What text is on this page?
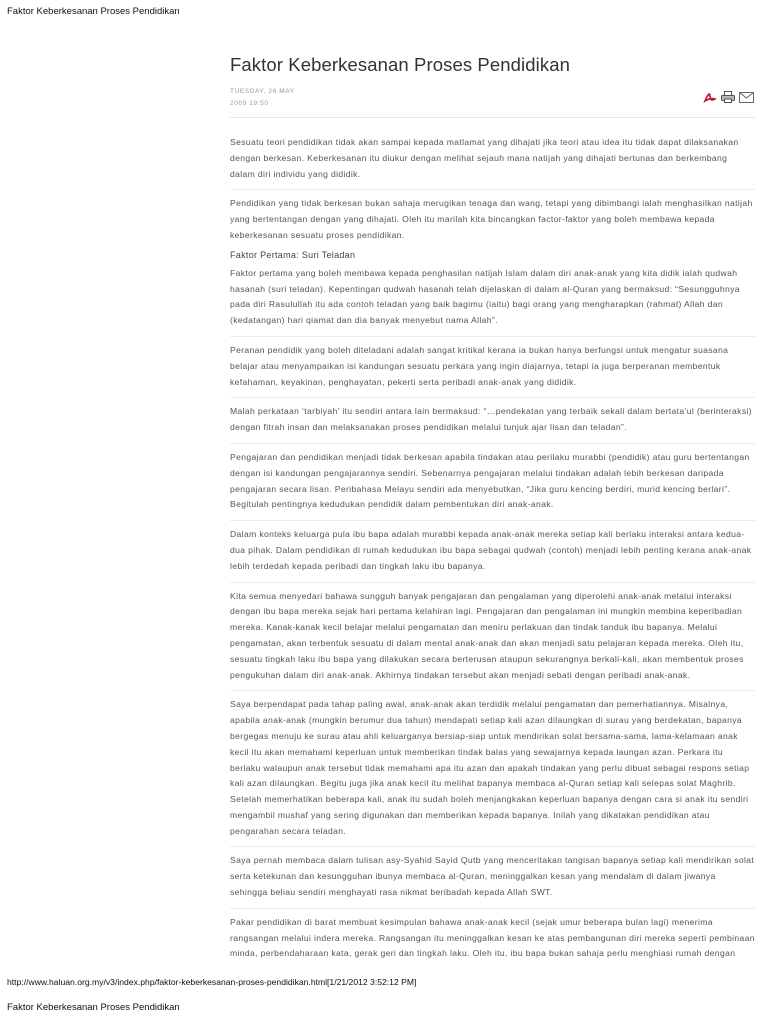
Faktor Keberkesanan Proses Pendidikan
Faktor Keberkesanan Proses Pendidikan
TUESDAY, 26 MAY
2009 19:50

Sesuatu teori pendidikan tidak akan sampai kepada matlamat yang dihajati jika teori atau idea itu tidak dapat dilaksanakan dengan berkesan. Keberkesanan itu diukur dengan melihat sejauh mana natijah yang dihajati bertunas dan berkembang dalam diri individu yang dididik.

Pendidikan yang tidak berkesan bukan sahaja merugikan tenaga dan wang, tetapi yang dibimbangi ialah menghasilkan natijah yang bertentangan dengan yang dihajati. Oleh itu marilah kita bincangkan factor-faktor yang boleh membawa kepada keberkesanan sesuatu proses pendidikan.

Faktor Pertama: Suri Teladan

Faktor pertama yang boleh membawa kepada penghasilan natijah Islam dalam diri anak-anak yang kita didik ialah qudwah hasanah (suri teladan). Kepentingan qudwah hasanah telah dijelaskan di dalam al-Quran yang bermaksud: “Sesungguhnya pada diri Rasulullah itu ada contoh teladan yang baik bagimu (iaitu) bagi orang yang mengharapkan (rahmat) Allah dan (kedatangan) hari qiamat dan dia banyak menyebut nama Allah”.

Peranan pendidik yang boleh diteladani adalah sangat kritikal kerana ia bukan hanya berfungsi untuk mengatur suasana belajar atau menyampaikan isi kandungan sesuatu perkara yang ingin diajarnya, tetapi ia juga berperanan membentuk kefahaman, keyakinan, penghayatan, pekerti serta peribadi anak-anak yang dididik.

Malah perkataan ‘tarbiyah’ itu sendiri antara lain bermaksud: “…pendekatan yang terbaik sekali dalam bertata’ul (berinteraksi) dengan fitrah insan dan melaksanakan proses pendidikan melalui tunjuk ajar lisan dan teladan”.

Pengajaran dan pendidikan menjadi tidak berkesan apabila tindakan atau perilaku murabbi (pendidik) atau guru bertentangan dengan isi kandungan pengajarannya sendiri. Sebenarnya pengajaran melalui tindakan adalah lebih berkesan daripada pengajaran secara lisan. Peribahasa Melayu sendiri ada menyebutkan, “Jika guru kencing berdiri, murid kencing berlari”. Begitulah pentingnya kedudukan pendidik dalam pembentukan diri anak-anak.

Dalam konteks keluarga pula ibu bapa adalah murabbi kepada anak-anak mereka setiap kali berlaku interaksi antara kedua-dua pihak. Dalam pendidikan di rumah kedudukan ibu bapa sebagai qudwah (contoh) menjadi lebih penting kerana anak-anak lebih terdedah kepada peribadi dan tingkah laku ibu bapanya.

Kita semua menyedari bahawa sungguh banyak pengajaran dan pengalaman yang diperolehi anak-anak melalui interaksi dengan ibu bapa mereka sejak hari pertama kelahiran lagi. Pengajaran dan pengalaman ini mungkin membina keperibadian mereka. Kanak-kanak kecil belajar melalui pengamatan dan meniru perlakuan dan tindak tanduk ibu bapanya. Melalui pengamatan, akan terbentuk sesuatu di dalam mental anak-anak dan akan menjadi satu pelajaran kepada mereka. Oleh itu, sesuatu tingkah laku ibu bapa yang dilakukan secara berterusan ataupun sekurangnya berkali-kali, akan membentuk proses pengukuhan dalam diri anak-anak. Akhirnya tindakan tersebut akan menjadi sebati dengan peribadi anak-anak.

Saya berpendapat pada tahap paling awal, anak-anak akan terdidik melalui pengamatan dan pemerhatiannya. Misalnya, apabila anak-anak (mungkin berumur dua tahun) mendapati setiap kali azan dilaungkan di surau yang berdekatan, bapanya bergegas menuju ke surau atau ahli keluarganya bersiap-siap untuk mendirikan solat bersama-sama, lama-kelamaan anak kecil itu akan memahami keperluan untuk memberikan tindak balas yang sewajarnya kepada laungan azan. Perkara itu berlaku walaupun anak tersebut tidak memahami apa itu azan dan apakah tindakan yang perlu dibuat sebagai respons setiap kali azan dilaungkan. Begitu juga jika anak kecil itu melihat bapanya membaca al-Quran setiap kali selepas solat Maghrib. Setelah memerhatikan beberapa kali, anak itu sudah boleh menjangkakan keperluan bapanya dengan cara si anak itu sendiri mengambil mushaf yang sering digunakan dan memberikan kepada bapanya. Inilah yang dikatakan pendidikan atau pengarahan secara teladan.

Saya pernah membaca dalam tulisan asy-Syahid Sayid Qutb yang menceritakan tangisan bapanya setiap kali mendirikan solat serta ketekunan dan kesungguhan ibunya membaca al-Quran, meninggalkan kesan yang mendalam di dalam jiwanya sehingga beliau sendiri menghayati rasa nikmat beribadah kepada Allah SWT.

Pakar pendidikan di barat membuat kesimpulan bahawa anak-anak kecil (sejak umur beberapa bulan lagi) menerima rangsangan melalui indera mereka. Rangsangan itu meninggalkan kesan ke atas pembangunan diri mereka seperti pembinaan minda, perbendaharaan kata, gerak geri dan tingkah laku. Oleh itu, ibu bapa bukan sahaja perlu menghiasi rumah dengan

http://www.haluan.org.my/v3/index.php/faktor-keberkesanan-proses-pendidikan.html[1/21/2012 3:52:12 PM]
Faktor Keberkesanan Proses Pendidikan
